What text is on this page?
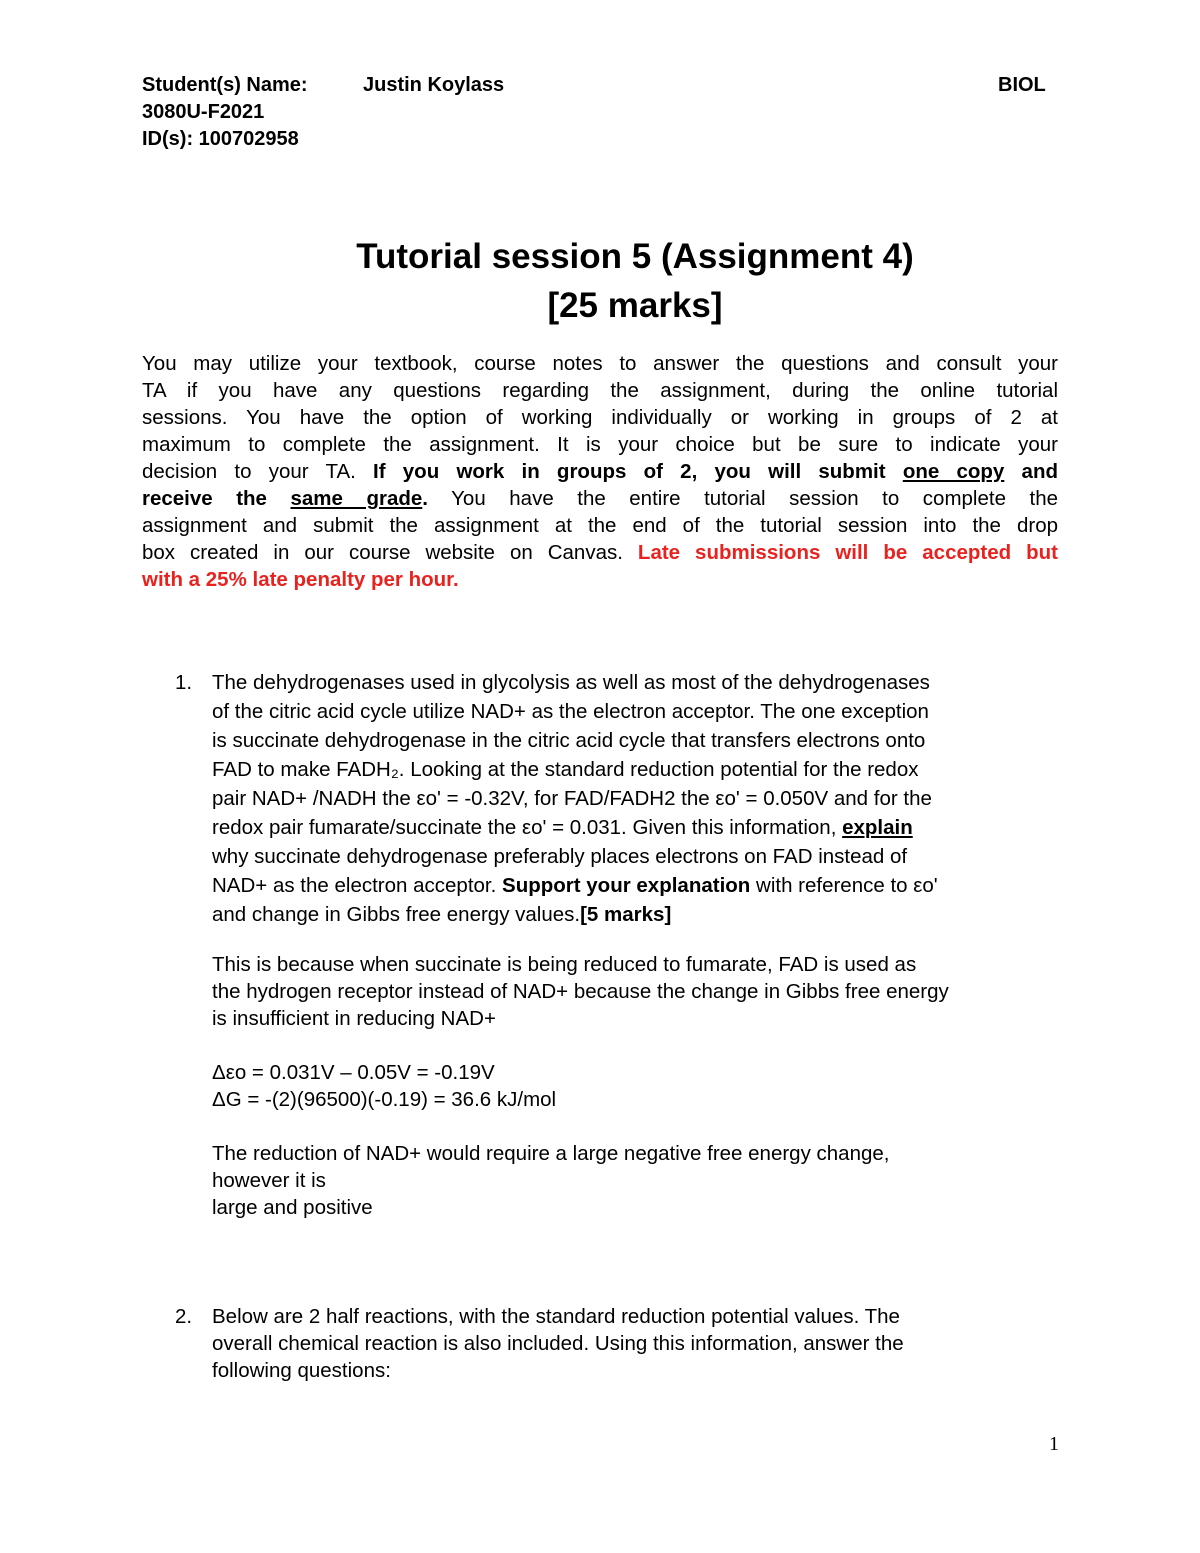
Student(s) Name:	Justin Koylass	BIOL
3080U-F2021
ID(s): 100702958
Tutorial session 5 (Assignment 4)
[25 marks]
You may utilize your textbook, course notes to answer the questions and consult your
TA if you have any questions regarding the assignment, during the online tutorial
sessions. You have the option of working individually or working in groups of 2 at
maximum to complete the assignment. It is your choice but be sure to indicate your
decision to your TA. If you work in groups of 2, you will submit one copy and
receive the same grade. You have the entire tutorial session to complete the
assignment and submit the assignment at the end of the tutorial session into the drop
box created in our course website on Canvas. Late submissions will be accepted but
with a 25% late penalty per hour.
1. The dehydrogenases used in glycolysis as well as most of the dehydrogenases
of the citric acid cycle utilize NAD+ as the electron acceptor. The one exception
is succinate dehydrogenase in the citric acid cycle that transfers electrons onto
FAD to make FADH₂. Looking at the standard reduction potential for the redox
pair NAD+ /NADH the εo' = -0.32V, for FAD/FADH2 the εo' = 0.050V and for the
redox pair fumarate/succinate the εo' = 0.031. Given this information, explain
why succinate dehydrogenase preferably places electrons on FAD instead of
NAD+ as the electron acceptor. Support your explanation with reference to εo'
and change in Gibbs free energy values.[5 marks]
This is because when succinate is being reduced to fumarate, FAD is used as
the hydrogen receptor instead of NAD+ because the change in Gibbs free energy
is insufficient in reducing NAD+
Δεo = 0.031V – 0.05V = -0.19V
ΔG = -(2)(96500)(-0.19) = 36.6 kJ/mol
The reduction of NAD+ would require a large negative free energy change,
however it is
large and positive
2. Below are 2 half reactions, with the standard reduction potential values. The
overall chemical reaction is also included. Using this information, answer the
following questions:
1
